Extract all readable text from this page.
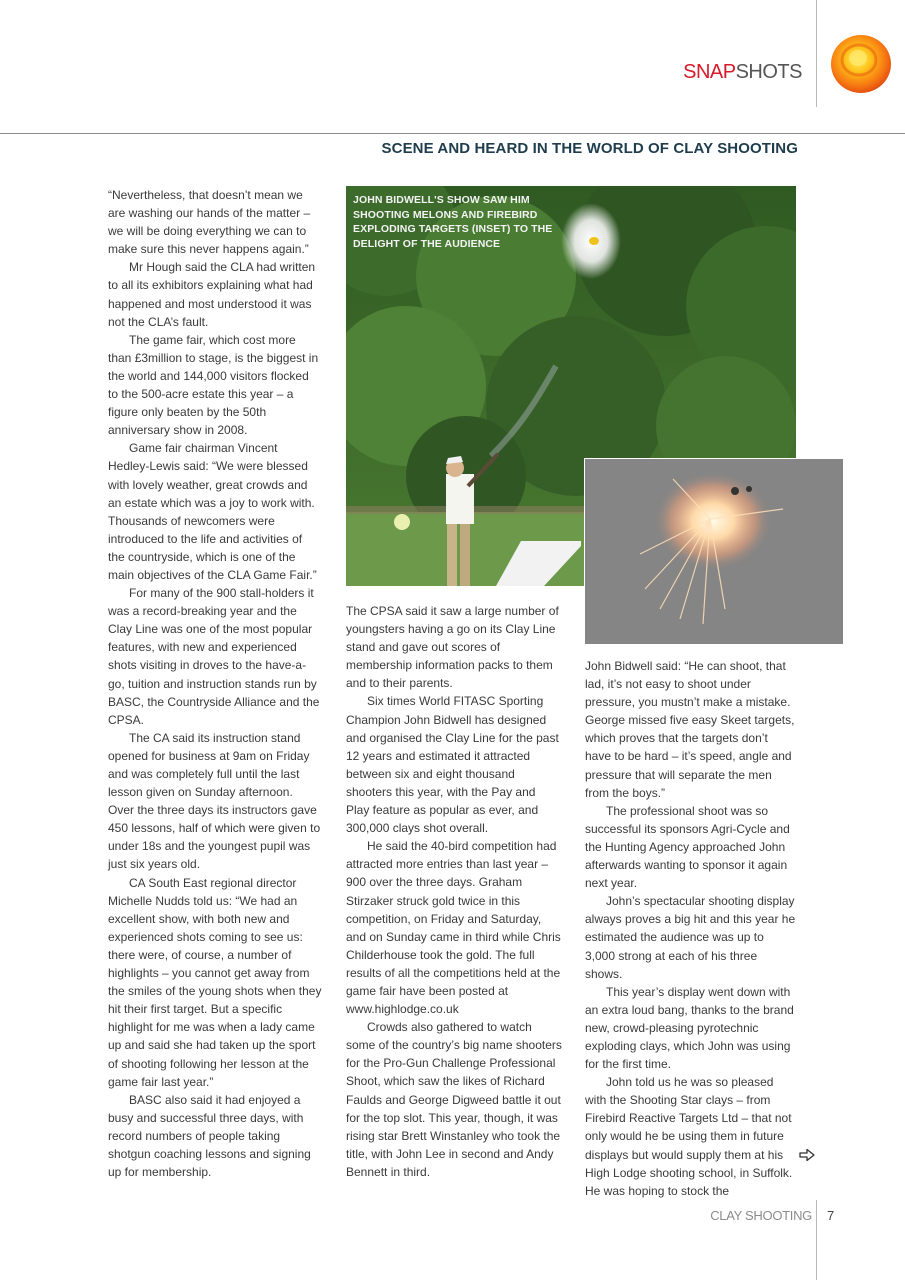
SNAPSHOTS
SCENE AND HEARD IN THE WORLD OF CLAY SHOOTING

“Nevertheless, that doesn’t mean we are washing our hands of the matter – we will be doing everything we can to make sure this never happens again.”

Mr Hough said the CLA had written to all its exhibitors explaining what had happened and most understood it was not the CLA’s fault.

The game fair, which cost more than £3million to stage, is the biggest in the world and 144,000 visitors flocked to the 500-acre estate this year – a figure only beaten by the 50th anniversary show in 2008.

Game fair chairman Vincent Hedley-Lewis said: “We were blessed with lovely weather, great crowds and an estate which was a joy to work with. Thousands of newcomers were introduced to the life and activities of the countryside, which is one of the main objectives of the CLA Game Fair.”

For many of the 900 stall-holders it was a record-breaking year and the Clay Line was one of the most popular features, with new and experienced shots visiting in droves to the have-a-go, tuition and instruction stands run by BASC, the Countryside Alliance and the CPSA.

The CA said its instruction stand opened for business at 9am on Friday and was completely full until the last lesson given on Sunday afternoon. Over the three days its instructors gave 450 lessons, half of which were given to under 18s and the youngest pupil was just six years old.

CA South East regional director Michelle Nudds told us: “We had an excellent show, with both new and experienced shots coming to see us: there were, of course, a number of highlights – you cannot get away from the smiles of the young shots when they hit their first target. But a specific highlight for me was when a lady came up and said she had taken up the sport of shooting following her lesson at the game fair last year.”

BASC also said it had enjoyed a busy and successful three days, with record numbers of people taking shotgun coaching lessons and signing up for membership.

JOHN BIDWELL'S SHOW SAW HIM SHOOTING MELONS AND FIREBIRD EXPLODING TARGETS (INSET) TO THE DELIGHT OF THE AUDIENCE

The CPSA said it saw a large number of youngsters having a go on its Clay Line stand and gave out scores of membership information packs to them and to their parents.

Six times World FITASC Sporting Champion John Bidwell has designed and organised the Clay Line for the past 12 years and estimated it attracted between six and eight thousand shooters this year, with the Pay and Play feature as popular as ever, and 300,000 clays shot overall.

He said the 40-bird competition had attracted more entries than last year – 900 over the three days. Graham Stirzaker struck gold twice in this competition, on Friday and Saturday, and on Sunday came in third while Chris Childerhouse took the gold. The full results of all the competitions held at the game fair have been posted at www.highlodge.co.uk

Crowds also gathered to watch some of the country’s big name shooters for the Pro-Gun Challenge Professional Shoot, which saw the likes of Richard Faulds and George Digweed battle it out for the top slot. This year, though, it was rising star Brett Winstanley who took the title, with John Lee in second and Andy Bennett in third.

John Bidwell said: “He can shoot, that lad, it’s not easy to shoot under pressure, you mustn’t make a mistake. George missed five easy Skeet targets, which proves that the targets don’t have to be hard – it’s speed, angle and pressure that will separate the men from the boys.”

The professional shoot was so successful its sponsors Agri-Cycle and the Hunting Agency approached John afterwards wanting to sponsor it again next year.

John’s spectacular shooting display always proves a big hit and this year he estimated the audience was up to 3,000 strong at each of his three shows.

This year’s display went down with an extra loud bang, thanks to the brand new, crowd-pleasing pyrotechnic exploding clays, which John was using for the first time.

John told us he was so pleased with the Shooting Star clays – from Firebird Reactive Targets Ltd – that not only would he be using them in future displays but would supply them at his High Lodge shooting school, in Suffolk. He was hoping to stock the

CLAY SHOOTING 7
